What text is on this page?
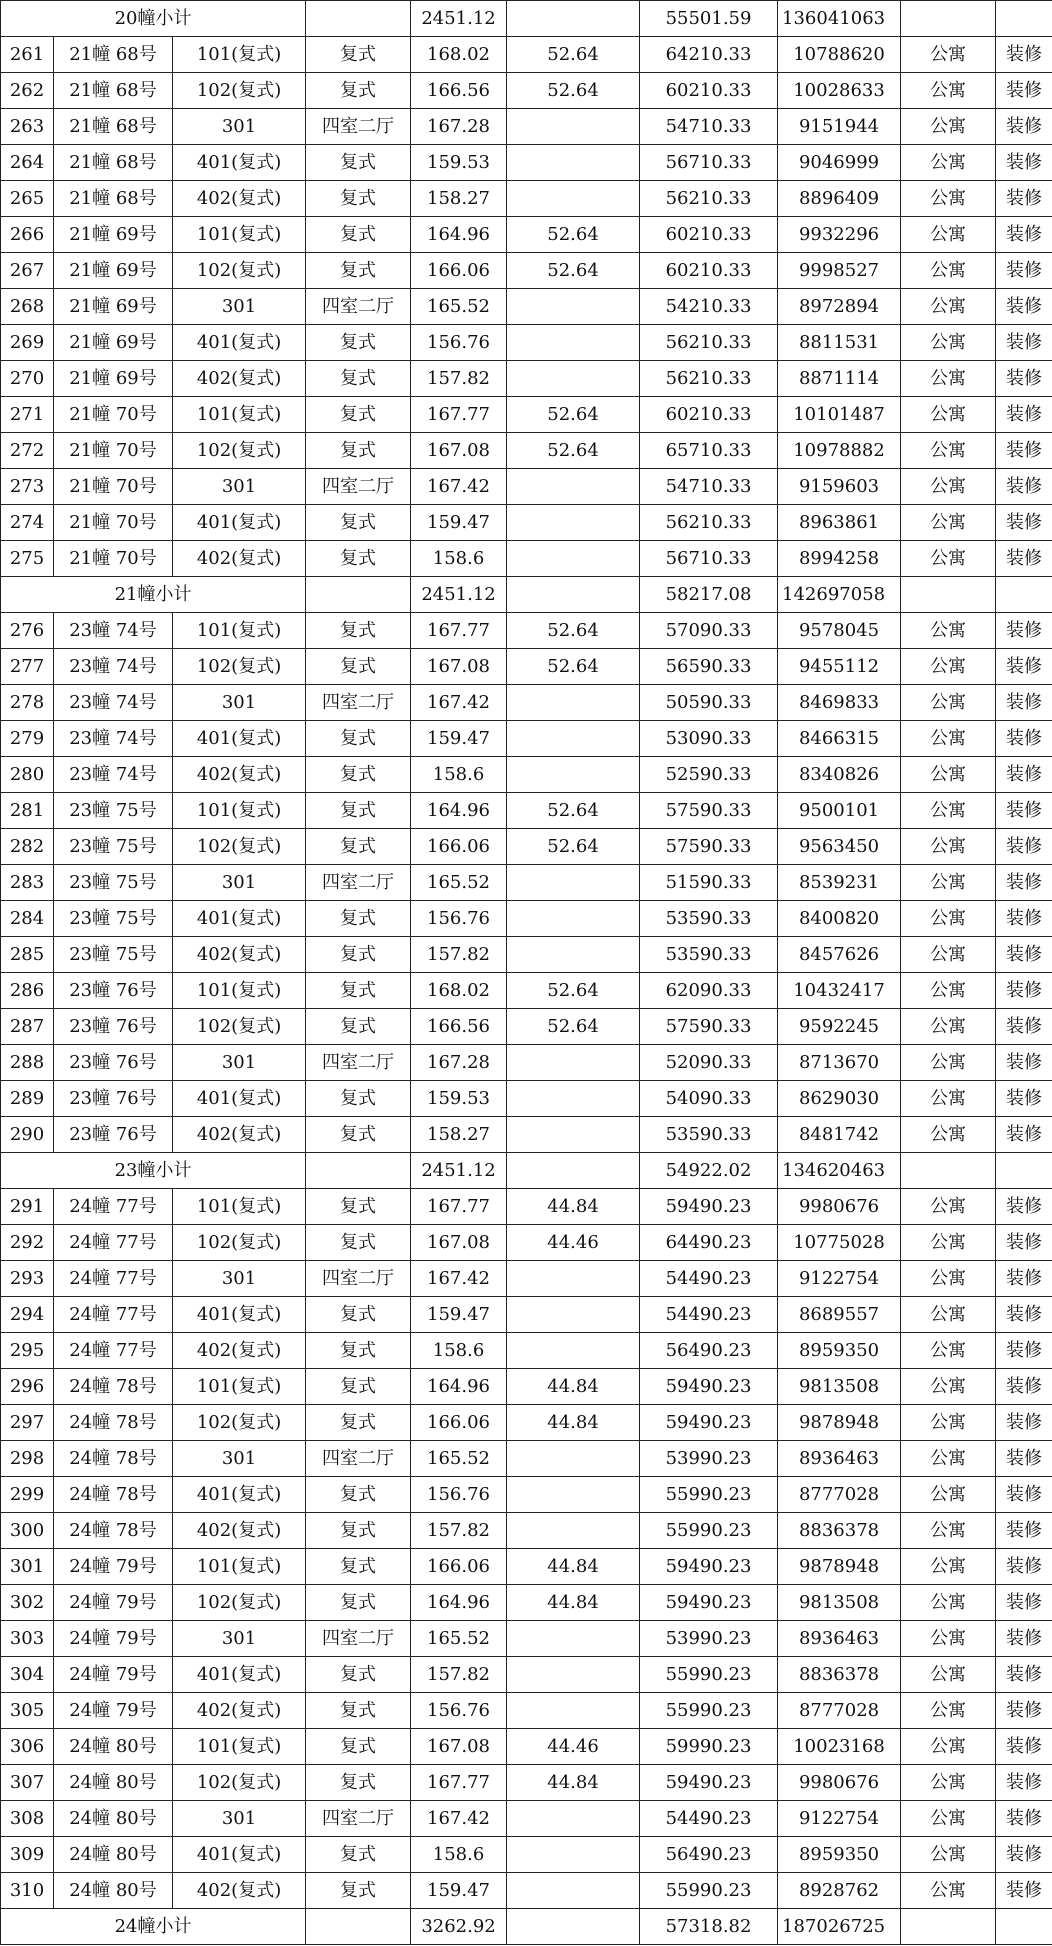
20幢小计				2451.12		55501.59	136041063		
261	21幢 68号	101(复式)	复式	168.02	52.64	64210.33	10788620	公寓	装修
262	21幢 68号	102(复式)	复式	166.56	52.64	60210.33	10028633	公寓	装修
263	21幢 68号	301	四室二厅	167.28		54710.33	9151944	公寓	装修
264	21幢 68号	401(复式)	复式	159.53		56710.33	9046999	公寓	装修
265	21幢 68号	402(复式)	复式	158.27		56210.33	8896409	公寓	装修
266	21幢 69号	101(复式)	复式	164.96	52.64	60210.33	9932296	公寓	装修
267	21幢 69号	102(复式)	复式	166.06	52.64	60210.33	9998527	公寓	装修
268	21幢 69号	301	四室二厅	165.52		54210.33	8972894	公寓	装修
269	21幢 69号	401(复式)	复式	156.76		56210.33	8811531	公寓	装修
270	21幢 69号	402(复式)	复式	157.82		56210.33	8871114	公寓	装修
271	21幢 70号	101(复式)	复式	167.77	52.64	60210.33	10101487	公寓	装修
272	21幢 70号	102(复式)	复式	167.08	52.64	65710.33	10978882	公寓	装修
273	21幢 70号	301	四室二厅	167.42		54710.33	9159603	公寓	装修
274	21幢 70号	401(复式)	复式	159.47		56210.33	8963861	公寓	装修
275	21幢 70号	402(复式)	复式	158.6		56710.33	8994258	公寓	装修
21幢小计				2451.12		58217.08	142697058		
276	23幢 74号	101(复式)	复式	167.77	52.64	57090.33	9578045	公寓	装修
277	23幢 74号	102(复式)	复式	167.08	52.64	56590.33	9455112	公寓	装修
278	23幢 74号	301	四室二厅	167.42		50590.33	8469833	公寓	装修
279	23幢 74号	401(复式)	复式	159.47		53090.33	8466315	公寓	装修
280	23幢 74号	402(复式)	复式	158.6		52590.33	8340826	公寓	装修
281	23幢 75号	101(复式)	复式	164.96	52.64	57590.33	9500101	公寓	装修
282	23幢 75号	102(复式)	复式	166.06	52.64	57590.33	9563450	公寓	装修
283	23幢 75号	301	四室二厅	165.52		51590.33	8539231	公寓	装修
284	23幢 75号	401(复式)	复式	156.76		53590.33	8400820	公寓	装修
285	23幢 75号	402(复式)	复式	157.82		53590.33	8457626	公寓	装修
286	23幢 76号	101(复式)	复式	168.02	52.64	62090.33	10432417	公寓	装修
287	23幢 76号	102(复式)	复式	166.56	52.64	57590.33	9592245	公寓	装修
288	23幢 76号	301	四室二厅	167.28		52090.33	8713670	公寓	装修
289	23幢 76号	401(复式)	复式	159.53		54090.33	8629030	公寓	装修
290	23幢 76号	402(复式)	复式	158.27		53590.33	8481742	公寓	装修
23幢小计				2451.12		54922.02	134620463		
291	24幢 77号	101(复式)	复式	167.77	44.84	59490.23	9980676	公寓	装修
292	24幢 77号	102(复式)	复式	167.08	44.46	64490.23	10775028	公寓	装修
293	24幢 77号	301	四室二厅	167.42		54490.23	9122754	公寓	装修
294	24幢 77号	401(复式)	复式	159.47		54490.23	8689557	公寓	装修
295	24幢 77号	402(复式)	复式	158.6		56490.23	8959350	公寓	装修
296	24幢 78号	101(复式)	复式	164.96	44.84	59490.23	9813508	公寓	装修
297	24幢 78号	102(复式)	复式	166.06	44.84	59490.23	9878948	公寓	装修
298	24幢 78号	301	四室二厅	165.52		53990.23	8936463	公寓	装修
299	24幢 78号	401(复式)	复式	156.76		55990.23	8777028	公寓	装修
300	24幢 78号	402(复式)	复式	157.82		55990.23	8836378	公寓	装修
301	24幢 79号	101(复式)	复式	166.06	44.84	59490.23	9878948	公寓	装修
302	24幢 79号	102(复式)	复式	164.96	44.84	59490.23	9813508	公寓	装修
303	24幢 79号	301	四室二厅	165.52		53990.23	8936463	公寓	装修
304	24幢 79号	401(复式)	复式	157.82		55990.23	8836378	公寓	装修
305	24幢 79号	402(复式)	复式	156.76		55990.23	8777028	公寓	装修
306	24幢 80号	101(复式)	复式	167.08	44.46	59990.23	10023168	公寓	装修
307	24幢 80号	102(复式)	复式	167.77	44.84	59490.23	9980676	公寓	装修
308	24幢 80号	301	四室二厅	167.42		54490.23	9122754	公寓	装修
309	24幢 80号	401(复式)	复式	158.6		56490.23	8959350	公寓	装修
310	24幢 80号	402(复式)	复式	159.47		55990.23	8928762	公寓	装修
24幢小计				3262.92		57318.82	187026725		
